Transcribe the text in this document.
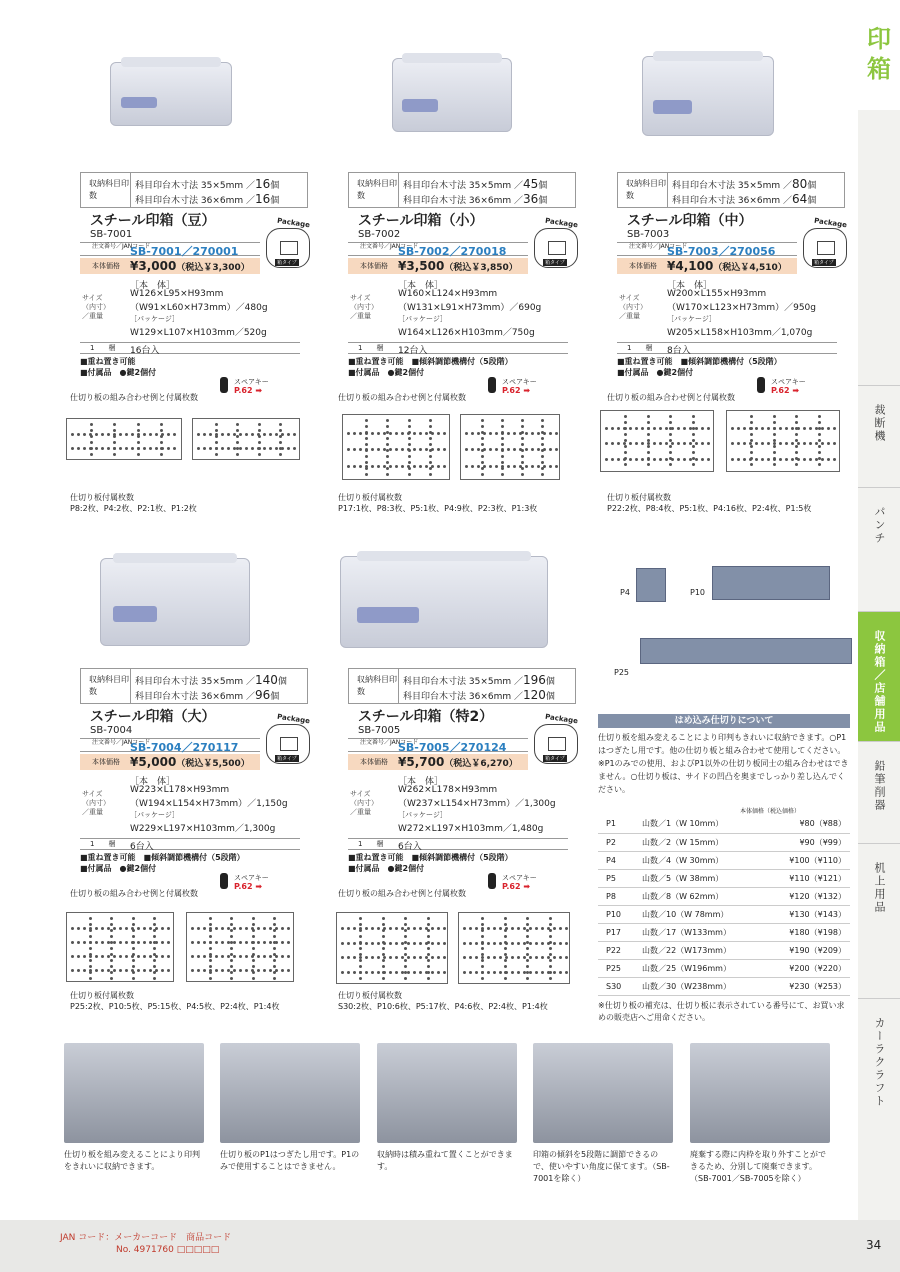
印箱
裁断機
パンチ
収納箱／店舗用品
鉛筆削器
机上用品
カーラクラフト
P4	P10
P25
収納科目印数
科目印台木寸法 35×5mm ／16個
科目印台木寸法 36×6mm ／16個
スチール印箱（豆）
SB-7001
注文番号／JANコード
SB-7001／270001
本体価格 ¥3,000（税込￥3,300）
Package
箱タイプ
サイズ（内寸）／重量
［本　体］
W126×L95×H93mm
（W91×L60×H73mm）／480g
［パッケージ］
W129×L107×H103mm／520g
1　　梱 16台入
■重ね置き可能
■付属品　●鍵2個付
スペアキー
P.62 ➡
仕切り板の組み合わせ例と付属枚数
仕切り板付属枚数
P8:2枚、P4:2枚、P2:1枚、P1:2枚
収納科目印数
科目印台木寸法 35×5mm ／45個
科目印台木寸法 36×6mm ／36個
スチール印箱（小）
SB-7002
注文番号／JANコード
SB-7002／270018
本体価格 ¥3,500（税込￥3,850）
Package
箱タイプ
サイズ（内寸）／重量
［本　体］
W160×L124×H93mm
（W131×L91×H73mm）／690g
［パッケージ］
W164×L126×H103mm／750g
1　　梱 12台入
■重ね置き可能　■傾斜調節機構付（5段階）
■付属品　●鍵2個付
スペアキー
P.62 ➡
仕切り板の組み合わせ例と付属枚数
仕切り板付属枚数
P17:1枚、P8:3枚、P5:1枚、P4:9枚、P2:3枚、P1:3枚
収納科目印数
科目印台木寸法 35×5mm ／80個
科目印台木寸法 36×6mm ／64個
スチール印箱（中）
SB-7003
注文番号／JANコード
SB-7003／270056
本体価格 ¥4,100（税込￥4,510）
Package
箱タイプ
サイズ（内寸）／重量
［本　体］
W200×L155×H93mm
（W170×L123×H73mm）／950g
［パッケージ］
W205×L158×H103mm／1,070g
1　　梱 8台入
■重ね置き可能　■傾斜調節機構付（5段階）
■付属品　●鍵2個付
スペアキー
P.62 ➡
仕切り板の組み合わせ例と付属枚数
仕切り板付属枚数
P22:2枚、P8:4枚、P5:1枚、P4:16枚、P2:4枚、P1:5枚
収納科目印数
科目印台木寸法 35×5mm ／140個
科目印台木寸法 36×6mm ／96個
スチール印箱（大）
SB-7004
注文番号／JANコード
SB-7004／270117
本体価格 ¥5,000（税込￥5,500）
Package
箱タイプ
サイズ（内寸）／重量
［本　体］
W223×L178×H93mm
（W194×L154×H73mm）／1,150g
［パッケージ］
W229×L197×H103mm／1,300g
1　　梱 6台入
■重ね置き可能　■傾斜調節機構付（5段階）
■付属品　●鍵2個付
スペアキー
P.62 ➡
仕切り板の組み合わせ例と付属枚数
仕切り板付属枚数
P25:2枚、P10:5枚、P5:15枚、P4:5枚、P2:4枚、P1:4枚
収納科目印数
科目印台木寸法 35×5mm ／196個
科目印台木寸法 36×6mm ／120個
スチール印箱（特2）
SB-7005
注文番号／JANコード
SB-7005／270124
本体価格 ¥5,700（税込￥6,270）
Package
箱タイプ
サイズ（内寸）／重量
［本　体］
W262×L178×H93mm
（W237×L154×H73mm）／1,300g
［パッケージ］
W272×L197×H103mm／1,480g
1　　梱 6台入
■重ね置き可能　■傾斜調節機構付（5段階）
■付属品　●鍵2個付
スペアキー
P.62 ➡
仕切り板の組み合わせ例と付属枚数
仕切り板付属枚数
S30:2枚、P10:6枚、P5:17枚、P4:6枚、P2:4枚、P1:4枚
はめ込み仕切りについて
仕切り板を組み変えることにより印判もきれいに収納できます。○P1はつぎたし用です。他の仕切り板と組み合わせて使用してください。※P1のみでの使用、およびP1以外の仕切り板同士の組み合わせはできません。○仕切り板は、サイドの凹凸を奥までしっかり差し込んでください。
本体価格（税込価格）
P1	山数／1（W 10mm）	¥80（¥88）
P2	山数／2（W 15mm）	¥90（¥99）
P4	山数／4（W 30mm）	¥100（¥110）
P5	山数／5（W 38mm）	¥110（¥121）
P8	山数／8（W 62mm）	¥120（¥132）
P10	山数／10（W 78mm）	¥130（¥143）
P17	山数／17（W133mm）	¥180（¥198）
P22	山数／22（W173mm）	¥190（¥209）
P25	山数／25（W196mm）	¥200（¥220）
S30	山数／30（W238mm）	¥230（¥253）
※仕切り板の補充は、仕切り板に表示されている番号にて、お買い求めの販売店へご用命ください。
仕切り板を組み変えることにより印判をきれいに収納できます。
仕切り板のP1はつぎたし用です。P1のみで使用することはできません。
収納時は積み重ねて置くことができます。
印箱の傾斜を5段階に調節できるので、使いやすい角度に保てます。（SB-7001を除く）
廃棄する際に内枠を取り外すことができるため、分別して廃棄できます。（SB-7001／SB-7005を除く）
JAN コード：メーカーコード　商品コード
No. 4971760 □□□□□	34
